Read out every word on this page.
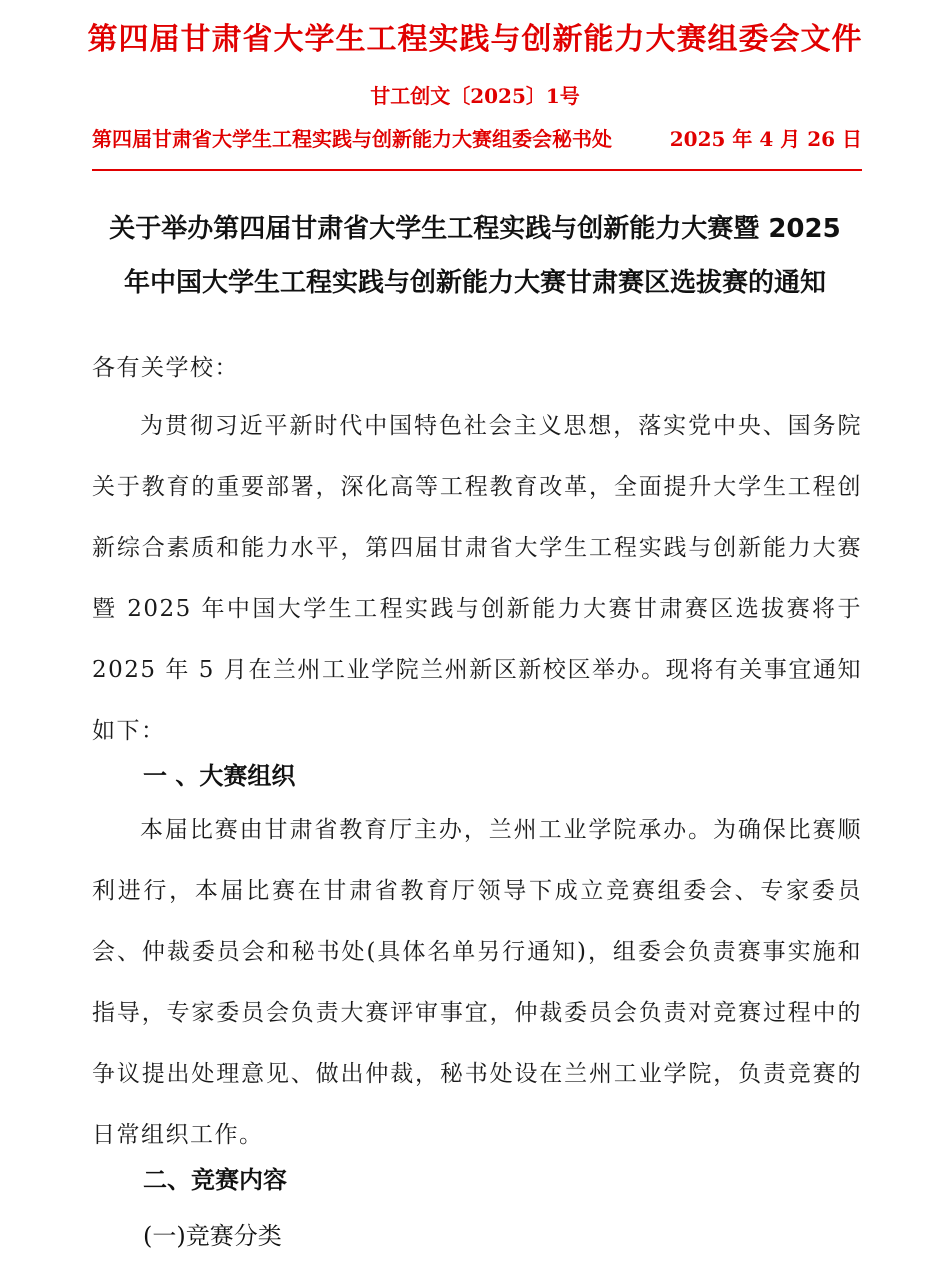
第四届甘肃省大学生工程实践与创新能力大赛组委会文件
甘工创文〔2025〕1号
第四届甘肃省大学生工程实践与创新能力大赛组委会秘书处	2025 年 4 月 26 日
关于举办第四届甘肃省大学生工程实践与创新能力大赛暨 2025
年中国大学生工程实践与创新能力大赛甘肃赛区选拔赛的通知
各有关学校：
为贯彻习近平新时代中国特色社会主义思想，落实党中央、国务院关于教育的重要部署，深化高等工程教育改革，全面提升大学生工程创新综合素质和能力水平，第四届甘肃省大学生工程实践与创新能力大赛暨 2025 年中国大学生工程实践与创新能力大赛甘肃赛区选拔赛将于 2025 年 5 月在兰州工业学院兰州新区新校区举办。现将有关事宜通知如下：
一 、大赛组织
本届比赛由甘肃省教育厅主办，兰州工业学院承办。为确保比赛顺利进行，本届比赛在甘肃省教育厅领导下成立竞赛组委会、专家委员会、仲裁委员会和秘书处(具体名单另行通知)，组委会负责赛事实施和指导，专家委员会负责大赛评审事宜，仲裁委员会负责对竞赛过程中的争议提出处理意见、做出仲裁，秘书处设在兰州工业学院，负责竞赛的日常组织工作。
二、竞赛内容
(一)竞赛分类
